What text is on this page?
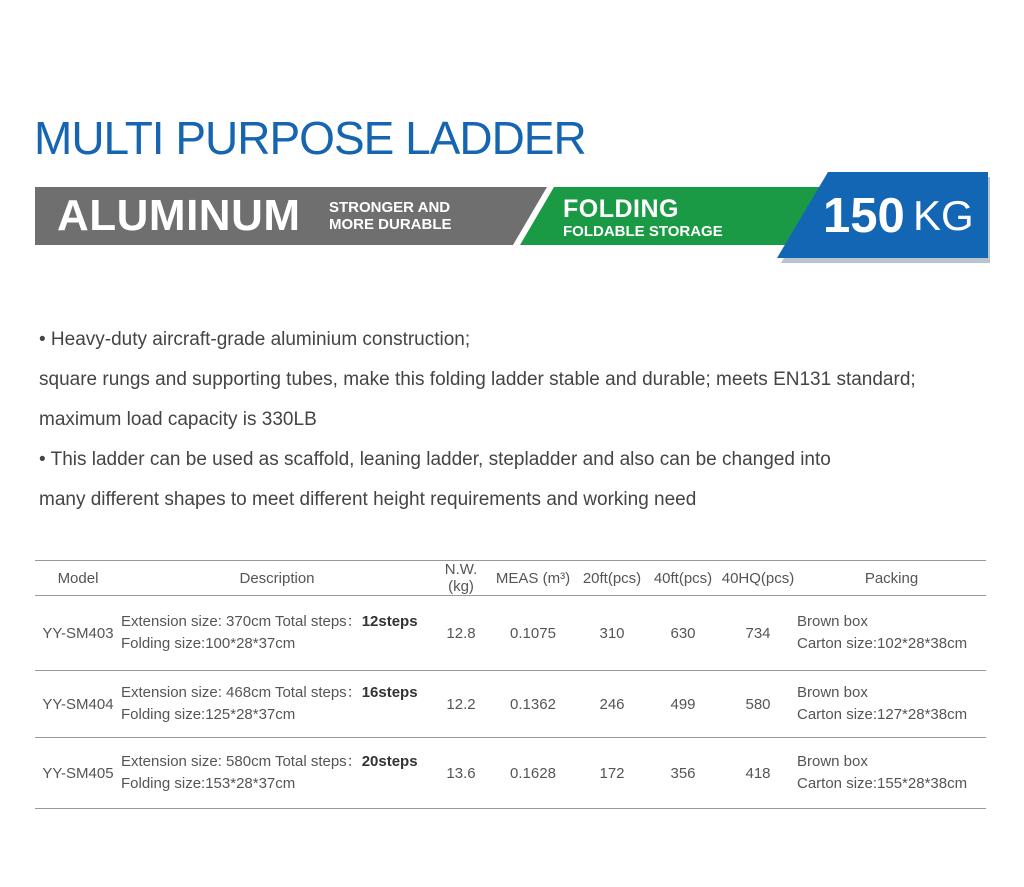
MULTI PURPOSE LADDER
ALUMINUM STRONGER AND
MORE DURABLE
FOLDING
FOLDABLE STORAGE 150 KG

• Heavy-duty aircraft-grade aluminium construction;

square rungs and supporting tubes, make this folding ladder stable and durable; meets EN131 standard;

maximum load capacity is 330LB

• This ladder can be used as scaffold, leaning ladder, stepladder and also can be changed into

many different shapes to meet different height requirements and working need

Model	Description	N.W.(kg)	MEAS (m³)	20ft(pcs)	40ft(pcs)	40HQ(pcs)	Packing
YY-SM403	Extension size: 370cm Total steps：12steps
Folding size:100*28*37cm	12.8	0.1075	310	630	734	Brown box
Carton size:102*28*38cm

YY-SM404	Extension size: 468cm Total steps：16steps
Folding size:125*28*37cm	12.2	0.1362	246	499	580	Brown box
Carton size:127*28*38cm

YY-SM405	Extension size: 580cm Total steps：20steps
Folding size:153*28*37cm	13.6	0.1628	172	356	418	Brown box
Carton size:155*28*38cm
